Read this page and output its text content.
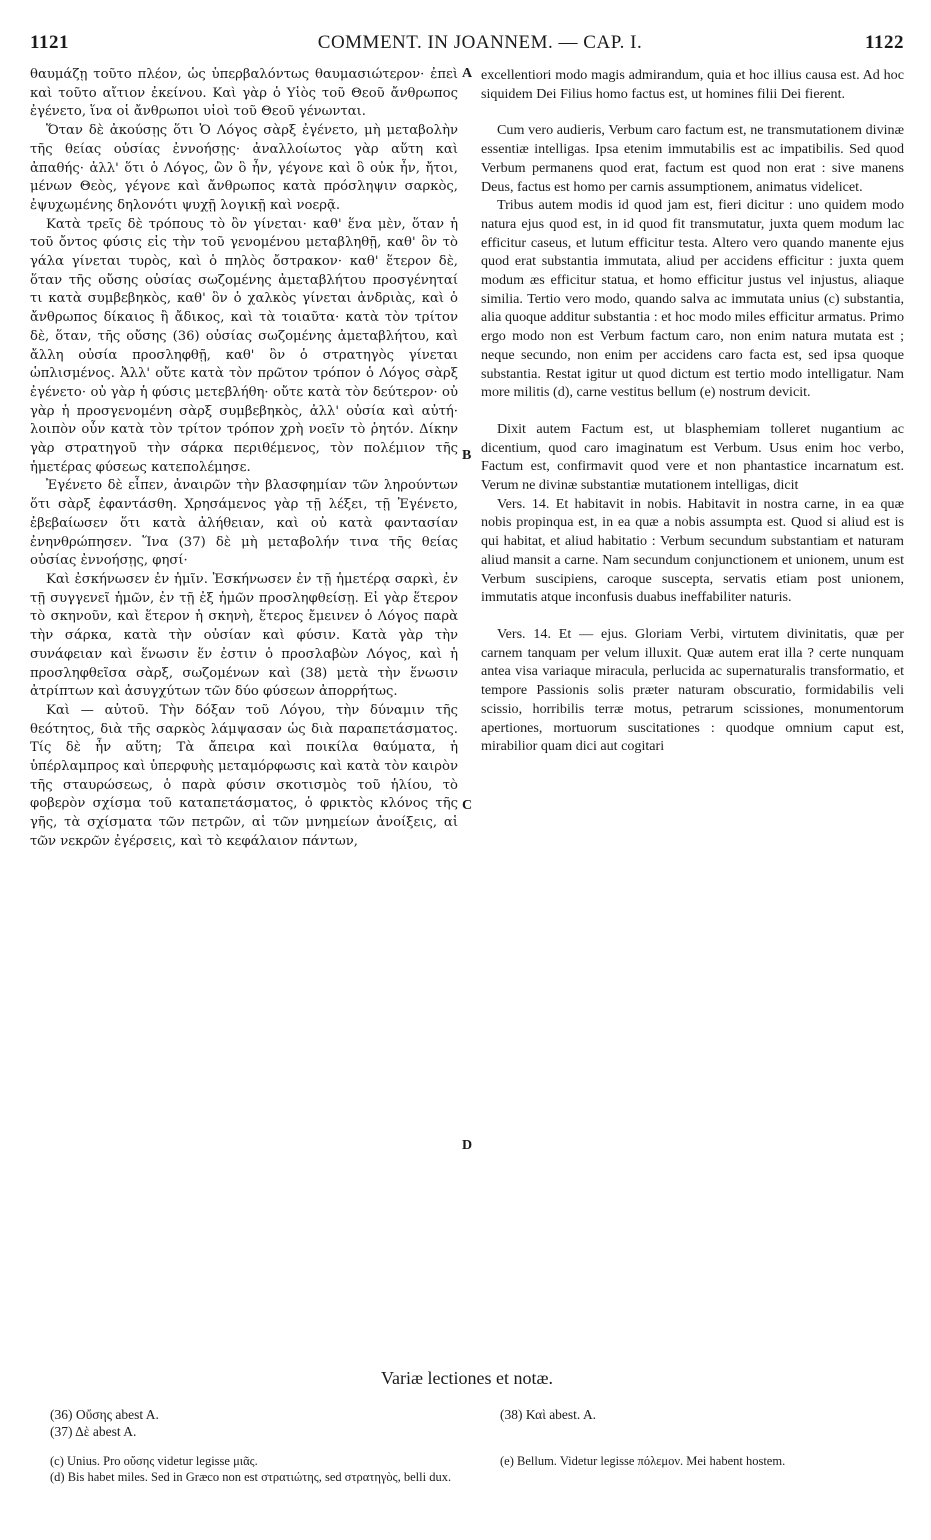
1121	COMMENT. IN JOANNEM. — CAP. I.	1122

θαυμάζῃ τοῦτο πλέον, ὡς ὑπερβαλόντως θαυμασιώτερον· ἐπεὶ καὶ τοῦτο αἴτιον ἐκείνου. Καὶ γὰρ ὁ Υἱὸς τοῦ Θεοῦ ἄνθρωπος ἐγένετο, ἵνα οἱ ἄνθρωποι υἱοὶ τοῦ Θεοῦ γένωνται.

Ὅταν δὲ ἀκούσῃς ὅτι Ὁ Λόγος σὰρξ ἐγένετο, μὴ μεταβολὴν τῆς θείας οὐσίας ἐννοήσῃς· ἀναλλοίωτος γὰρ αὕτη καὶ ἀπαθής· ἀλλ' ὅτι ὁ Λόγος, ὢν ὃ ἦν, γέγονε καὶ ὃ οὐκ ἦν, ἤτοι, μένων Θεὸς, γέγονε καὶ ἄνθρωπος κατὰ πρόσληψιν σαρκὸς, ἐψυχωμένης δηλονότι ψυχῇ λογικῇ καὶ νοερᾷ.

Κατὰ τρεῖς δὲ τρόπους τὸ ὂν γίνεται· καθ' ἕνα μὲν, ὅταν ἡ τοῦ ὄντος φύσις εἰς τὴν τοῦ γενομένου μεταβληθῇ, καθ' ὃν τὸ γάλα γίνεται τυρὸς, καὶ ὁ πηλὸς ὄστρακον· καθ' ἕτερον δὲ, ὅταν τῆς οὔσης οὐσίας σωζομένης ἀμεταβλήτου προσγένηταί τι κατὰ συμβεβηκὸς, καθ' ὃν ὁ χαλκὸς γίνεται ἀνδριὰς, καὶ ὁ ἄνθρωπος δίκαιος ἢ ἄδικος, καὶ τὰ τοιαῦτα· κατὰ τὸν τρίτον δὲ, ὅταν, τῆς οὔσης (36) οὐσίας σωζομένης ἀμεταβλήτου, καὶ ἄλλη οὐσία προσληφθῇ, καθ' ὃν ὁ στρατηγὸς γίνεται ὡπλισμένος. Ἀλλ' οὔτε κατὰ τὸν πρῶτον τρόπον ὁ Λόγος σὰρξ ἐγένετο· οὐ γὰρ ἡ φύσις μετεβλήθη· οὔτε κατὰ τὸν δεύτερον· οὐ γὰρ ἡ προσγενομένη σὰρξ συμβεβηκὸς, ἀλλ' οὐσία καὶ αὐτή· λοιπὸν οὖν κατὰ τὸν τρίτον τρόπον χρὴ νοεῖν τὸ ῥητόν. Δίκην γὰρ στρατηγοῦ τὴν σάρκα περιθέμενος, τὸν πολέμιον τῆς ἡμετέρας φύσεως κατεπολέμησε.

Ἐγένετο δὲ εἶπεν, ἀναιρῶν τὴν βλασφημίαν τῶν ληρούντων ὅτι σὰρξ ἐφαντάσθη. Χρησάμενος γὰρ τῇ λέξει, τῇ Ἐγένετο, ἐβεβαίωσεν ὅτι κατὰ ἀλήθειαν, καὶ οὐ κατὰ φαντασίαν ἐνηνθρώπησεν. Ἵνα (37) δὲ μὴ μεταβολήν τινα τῆς θείας οὐσίας ἐννοήσῃς, φησί·

Καὶ ἐσκήνωσεν ἐν ἡμῖν. Ἐσκήνωσεν ἐν τῇ ἡμετέρᾳ σαρκὶ, ἐν τῇ συγγενεῖ ἡμῶν, ἐν τῇ ἐξ ἡμῶν προσληφθείσῃ. Εἰ γὰρ ἕτερον τὸ σκηνοῦν, καὶ ἕτερον ἡ σκηνὴ, ἕτερος ἔμεινεν ὁ Λόγος παρὰ τὴν σάρκα, κατὰ τὴν οὐσίαν καὶ φύσιν. Κατὰ γὰρ τὴν συνάφειαν καὶ ἕνωσιν ἕν ἐστιν ὁ προσλαβὼν Λόγος, καὶ ἡ προσληφθεῖσα σὰρξ, σωζομένων καὶ (38) μετὰ τὴν ἕνωσιν ἀτρίπτων καὶ ἀσυγχύτων τῶν δύο φύσεων ἀπορρήτως.

Καὶ — αὐτοῦ. Τὴν δόξαν τοῦ Λόγου, τὴν δύναμιν τῆς θεότητος, διὰ τῆς σαρκὸς λάμψασαν ὡς διὰ παραπετάσματος. Τίς δὲ ἦν αὕτη; Τὰ ἄπειρα καὶ ποικίλα θαύματα, ἡ ὑπέρλαμπρος καὶ ὑπερφυὴς μεταμόρφωσις καὶ κατὰ τὸν καιρὸν τῆς σταυρώσεως, ὁ παρὰ φύσιν σκοτισμὸς τοῦ ἡλίου, τὸ φοβερὸν σχίσμα τοῦ καταπετάσματος, ὁ φρικτὸς κλόνος τῆς γῆς, τὰ σχίσματα τῶν πετρῶν, αἱ τῶν μνημείων ἀνοίξεις, αἱ τῶν νεκρῶν ἐγέρσεις, καὶ τὸ κεφάλαιον πάντων,

A
B
C
D

excellentiori modo magis admirandum, quia et hoc illius causa est. Ad hoc siquidem Dei Filius homo factus est, ut homines filii Dei fierent.

Cum vero audieris, Verbum caro factum est, ne transmutationem divinæ essentiæ intelligas. Ipsa etenim immutabilis est ac impatibilis. Sed quod Verbum permanens quod erat, factum est quod non erat : sive manens Deus, factus est homo per carnis assumptionem, animatus videlicet.

Tribus autem modis id quod jam est, fieri dicitur : uno quidem modo natura ejus quod est, in id quod fit transmutatur, juxta quem modum lac efficitur caseus, et lutum efficitur testa. Altero vero quando manente ejus quod erat substantia immutata, aliud per accidens efficitur : juxta quem modum æs efficitur statua, et homo efficitur justus vel injustus, aliaque similia. Tertio vero modo, quando salva ac immutata unius (c) substantia, alia quoque additur substantia : et hoc modo miles efficitur armatus. Primo ergo modo non est Verbum factum caro, non enim natura mutata est ; neque secundo, non enim per accidens caro facta est, sed ipsa quoque substantia. Restat igitur ut quod dictum est tertio modo intelligatur. Nam more militis (d), carne vestitus bellum (e) nostrum devicit.

Dixit autem Factum est, ut blasphemiam tolleret nugantium ac dicentium, quod caro imaginatum est Verbum. Usus enim hoc verbo, Factum est, confirmavit quod vere et non phantastice incarnatum est. Verum ne divinæ substantiæ mutationem intelligas, dicit

Vers. 14. Et habitavit in nobis. Habitavit in nostra carne, in ea quæ nobis propinqua est, in ea quæ a nobis assumpta est. Quod si aliud est is qui habitat, et aliud habitatio : Verbum secundum substantiam et naturam aliud mansit a carne. Nam secundum conjunctionem et unionem, unum est Verbum suscipiens, caroque suscepta, servatis etiam post unionem, immutatis atque inconfusis duabus ineffabiliter naturis.

Vers. 14. Et — ejus. Gloriam Verbi, virtutem divinitatis, quæ per carnem tanquam per velum illuxit. Quæ autem erat illa ? certe nunquam antea visa variaque miracula, perlucida ac supernaturalis transformatio, et tempore Passionis solis præter naturam obscuratio, formidabilis veli scissio, horribilis terræ motus, petrarum scissiones, monumentorum apertiones, mortuorum suscitationes : quodque omnium caput est, mirabilior quam dici aut cogitari

Variæ lectiones et notæ.
(36) Οὔσης abest A.
(37) Δὲ abest A.
(38) Καὶ abest. A.
(c) Unius. Pro οὔσης videtur legisse μιᾶς.
(d) Bis habet miles. Sed in Græco non est στρατιώτης, sed στρατηγὸς, belli dux.
(e) Bellum. Videtur legisse πόλεμον. Mei habent hostem.
